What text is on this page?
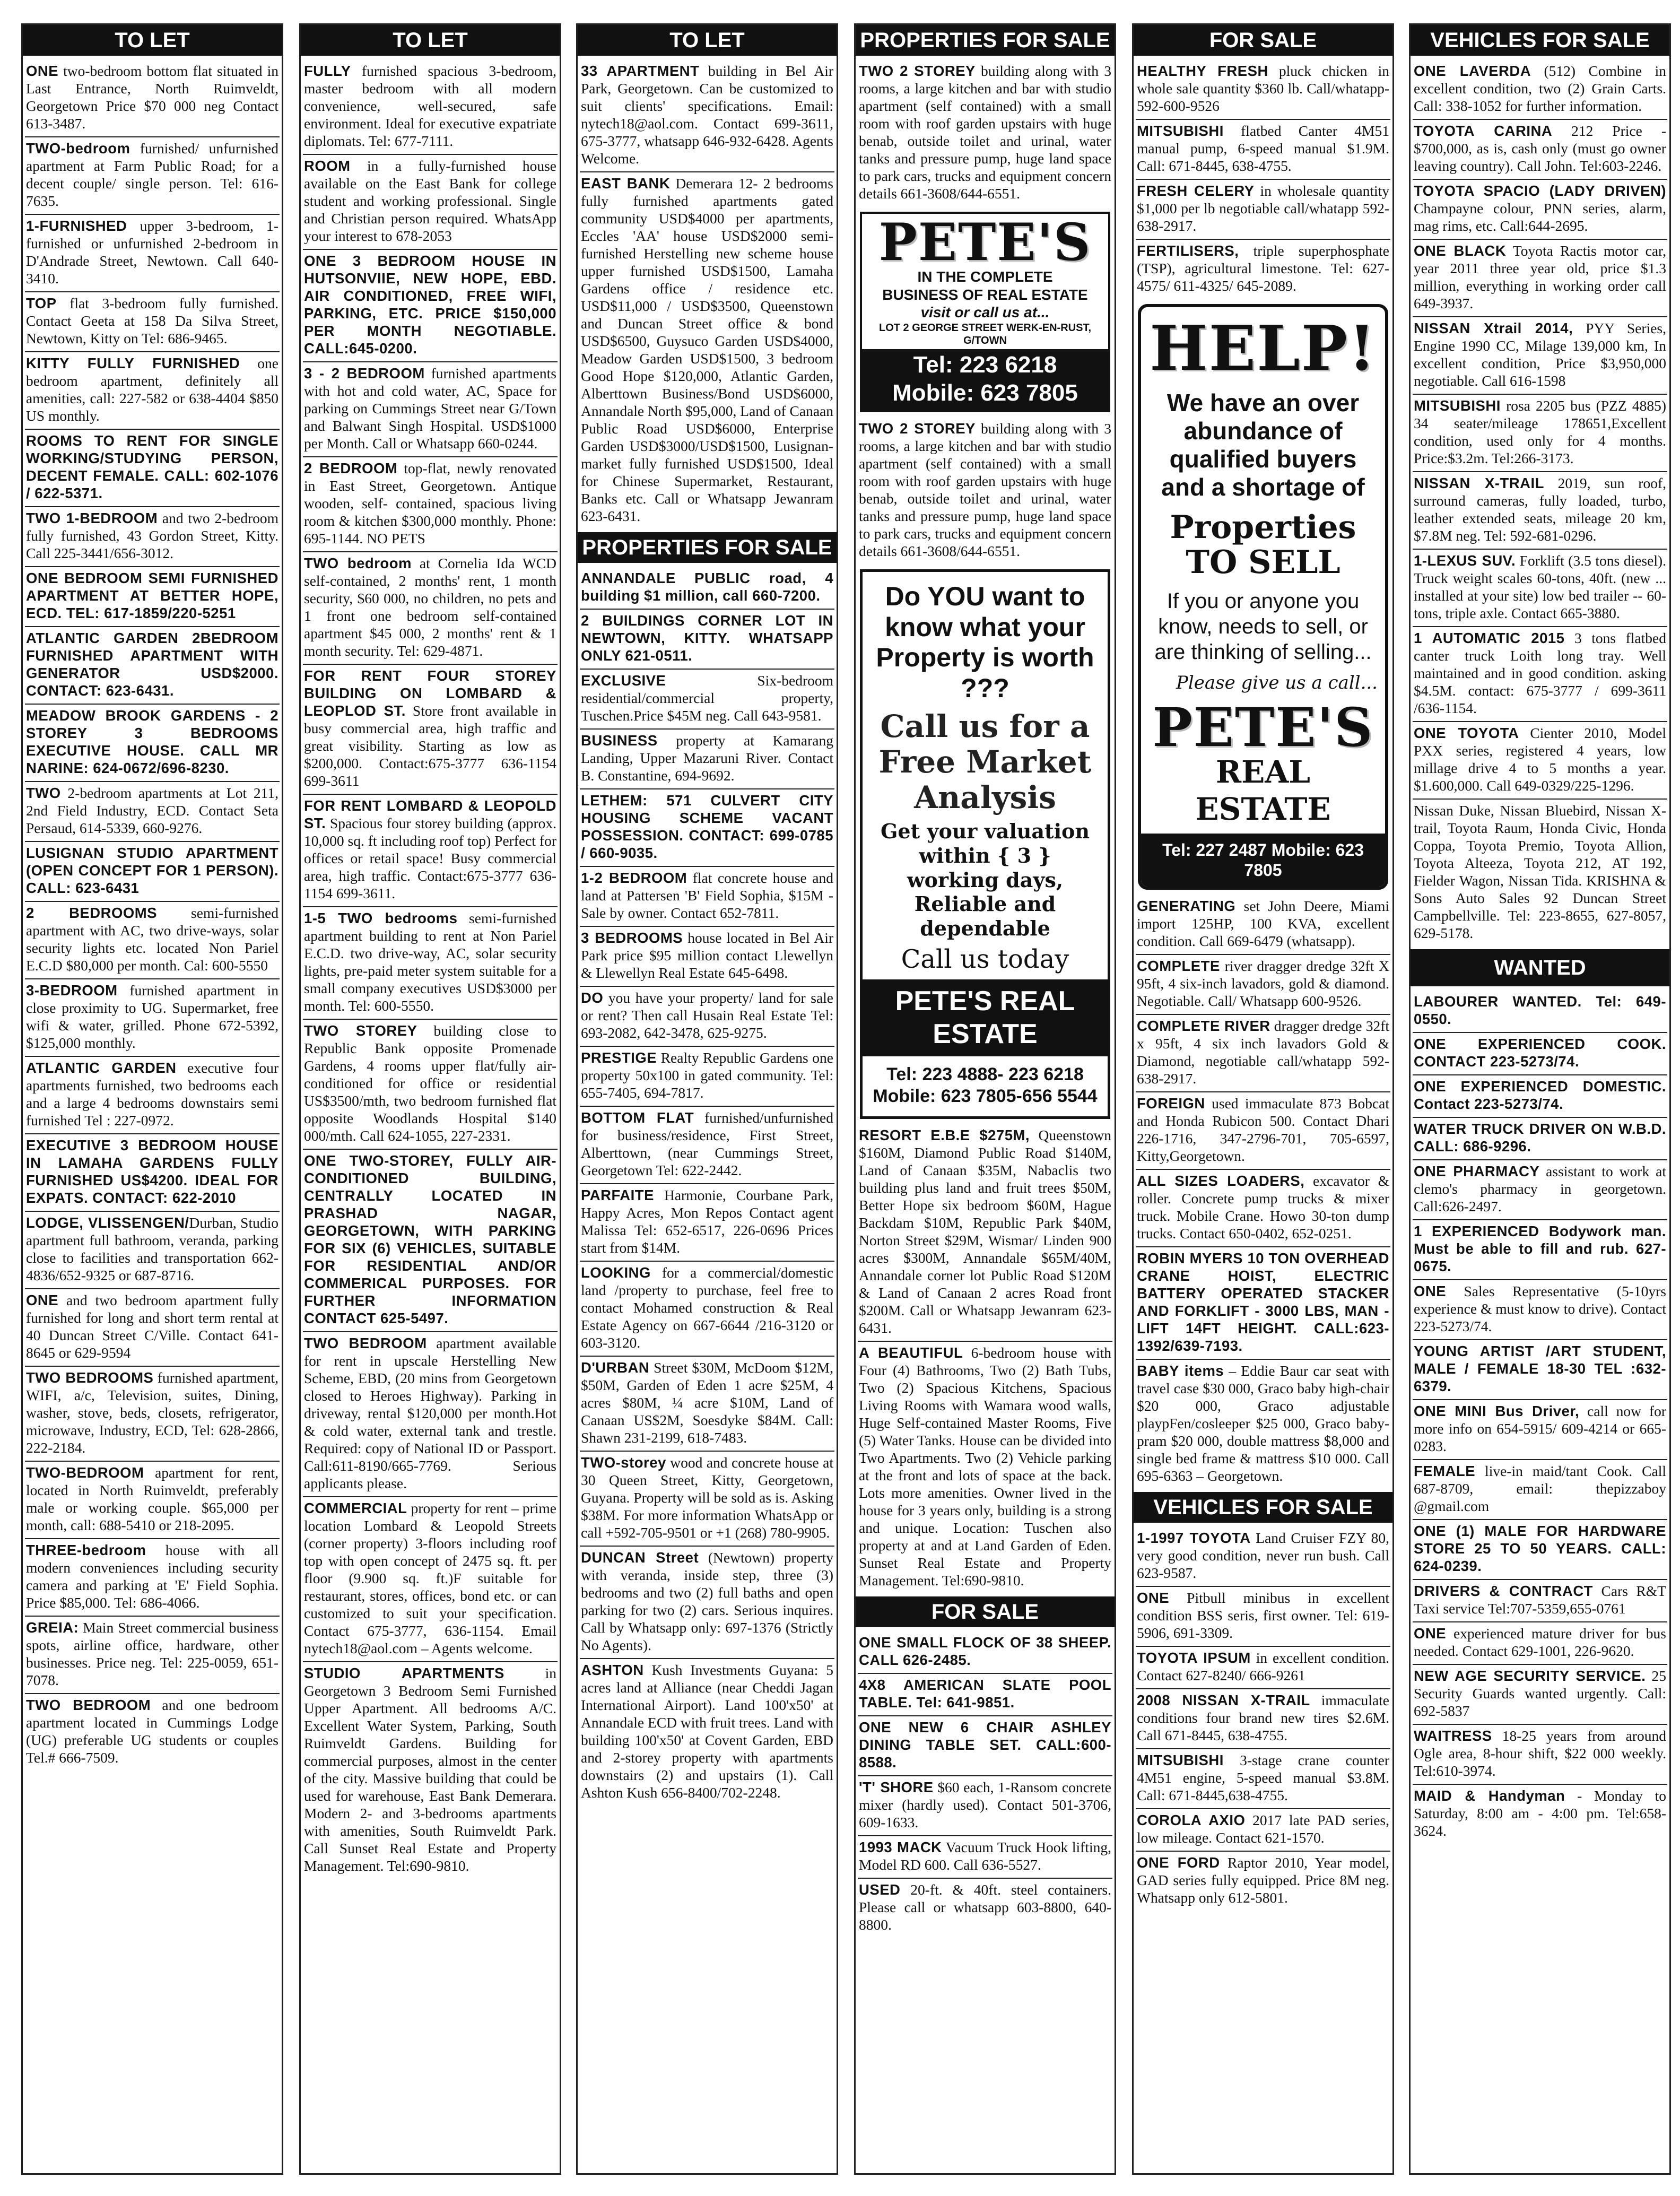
TO LET
ONE two-bedroom bottom flat situated in Last Entrance, North Ruimveldt, Georgetown Price $70 000 neg Contact 613-3487.
TWO-bedroom furnished/ unfurnished apartment at Farm Public Road; for a decent couple/ single person. Tel: 616-7635.
1-FURNISHED upper 3-bedroom, 1-furnished or unfurnished 2-bedroom in D'Andrade Street, Newtown. Call 640-3410.
TOP flat 3-bedroom fully furnished. Contact Geeta at 158 Da Silva Street, Newtown, Kitty on Tel: 686-9465.
KITTY FULLY FURNISHED one bedroom apartment, definitely all amenities, call: 227-582 or 638-4404 $850 US monthly.
ROOMS TO RENT FOR SINGLE WORKING/STUDYING PERSON, DECENT FEMALE. CALL: 602-1076 / 622-5371.
TWO 1-BEDROOM and two 2-bedroom fully furnished, 43 Gordon Street, Kitty. Call 225-3441/656-3012.
ONE BEDROOM SEMI FURNISHED APARTMENT AT BETTER HOPE, ECD. TEL: 617-1859/220-5251
ATLANTIC GARDEN 2BEDROOM FURNISHED APARTMENT WITH GENERATOR USD$2000. CONTACT: 623-6431.
MEADOW BROOK GARDENS - 2 STOREY 3 BEDROOMS EXECUTIVE HOUSE. CALL MR NARINE: 624-0672/696-8230.
TWO 2-bedroom apartments at Lot 211, 2nd Field Industry, ECD. Contact Seta Persaud, 614-5339, 660-9276.
LUSIGNAN STUDIO APARTMENT (OPEN CONCEPT FOR 1 PERSON). CALL: 623-6431
2 BEDROOMS semi-furnished apartment with AC, two drive-ways, solar security lights etc. located Non Pariel E.C.D $80,000 per month. Cal: 600-5550
3-BEDROOM furnished apartment in close proximity to UG. Supermarket, free wifi & water, grilled. Phone 672-5392, $125,000 monthly.
ATLANTIC GARDEN executive four apartments furnished, two bedrooms each and a large 4 bedrooms downstairs semi furnished Tel : 227-0972.
EXECUTIVE 3 BEDROOM HOUSE IN LAMAHA GARDENS FULLY FURNISHED US$4200. IDEAL FOR EXPATS. CONTACT: 622-2010
LODGE, VLISSENGEN/Durban, Studio apartment full bathroom, veranda, parking close to facilities and transportation 662-4836/652-9325 or 687-8716.
ONE and two bedroom apartment fully furnished for long and short term rental at 40 Duncan Street C/Ville. Contact 641-8645 or 629-9594
TWO BEDROOMS furnished apartment, WIFI, a/c, Television, suites, Dining, washer, stove, beds, closets, refrigerator, microwave, Industry, ECD, Tel: 628-2866, 222-2184.
TWO-BEDROOM apartment for rent, located in North Ruimveldt, preferably male or working couple. $65,000 per month, call: 688-5410 or 218-2095.
THREE-bedroom house with all modern conveniences including security camera and parking at 'E' Field Sophia. Price $85,000. Tel: 686-4066.
GREIA: Main Street commercial business spots, airline office, hardware, other businesses. Price neg. Tel: 225-0059, 651-7078.
TWO BEDROOM and one bedroom apartment located in Cummings Lodge (UG) preferable UG students or couples Tel.# 666-7509.
TO LET
FULLY furnished spacious 3-bedroom, master bedroom with all modern convenience, well-secured, safe environment. Ideal for executive expatriate diplomats. Tel: 677-7111.
ROOM in a fully-furnished house available on the East Bank for college student and working professional. Single and Christian person required. WhatsApp your interest to 678-2053
ONE 3 BEDROOM HOUSE IN HUTSONVIIE, NEW HOPE, EBD. AIR CONDITIONED, FREE WIFI, PARKING, ETC. PRICE $150,000 PER MONTH NEGOTIABLE. CALL:645-0200.
3 - 2 BEDROOM furnished apartments with hot and cold water, AC, Space for parking on Cummings Street near G/Town and Balwant Singh Hospital. USD$1000 per Month. Call or Whatsapp 660-0244.
2 BEDROOM top-flat, newly renovated in East Street, Georgetown. Antique wooden, self- contained, spacious living room & kitchen $300,000 monthly. Phone: 695-1144. NO PETS
TWO bedroom at Cornelia Ida WCD self-contained, 2 months' rent, 1 month security, $60 000, no children, no pets and 1 front one bedroom self-contained apartment $45 000, 2 months' rent & 1 month security. Tel: 629-4871.
FOR RENT FOUR STOREY BUILDING ON LOMBARD & LEOPLOD ST. Store front available in busy commercial area, high traffic and great visibility. Starting as low as $200,000. Contact:675-3777 636-1154 699-3611
FOR RENT LOMBARD & LEOPOLD ST. Spacious four storey building (approx. 10,000 sq. ft including roof top) Perfect for offices or retail space! Busy commercial area, high traffic. Contact:675-3777 636-1154 699-3611.
1-5 TWO bedrooms semi-furnished apartment building to rent at Non Pariel E.C.D. two drive-way, AC, solar security lights, pre-paid meter system suitable for a small company executives USD$3000 per month. Tel: 600-5550.
TWO STOREY building close to Republic Bank opposite Promenade Gardens, 4 rooms upper flat/fully air-conditioned for office or residential US$3500/mth, two bedroom furnished flat opposite Woodlands Hospital $140 000/mth. Call 624-1055, 227-2331.
ONE TWO-STOREY, FULLY AIR-CONDITIONED BUILDING, CENTRALLY LOCATED IN PRASHAD NAGAR, GEORGETOWN, WITH PARKING FOR SIX (6) VEHICLES, SUITABLE FOR RESIDENTIAL AND/OR COMMERICAL PURPOSES. FOR FURTHER INFORMATION CONTACT 625-5497.
TWO BEDROOM apartment available for rent in upscale Herstelling New Scheme, EBD, (20 mins from Georgetown closed to Heroes Highway). Parking in driveway, rental $120,000 per month.Hot & cold water, external tank and trestle. Required: copy of National ID or Passport. Call:611-8190/665-7769. Serious applicants please.
COMMERCIAL property for rent – prime location Lombard & Leopold Streets (corner property) 3-floors including roof top with open concept of 2475 sq. ft. per floor (9.900 sq. ft.)F suitable for restaurant, stores, offices, bond etc. or can customized to suit your specification. Contact 675-3777, 636-1154. Email nytech18@aol.com – Agents welcome.
STUDIO APARTMENTS in Georgetown 3 Bedroom Semi Furnished Upper Apartment. All bedrooms A/C. Excellent Water System, Parking, South Ruimveldt Gardens. Building for commercial purposes, almost in the center of the city. Massive building that could be used for warehouse, East Bank Demerara. Modern 2- and 3-bedrooms apartments with amenities, South Ruimveldt Park. Call Sunset Real Estate and Property Management. Tel:690-9810.
TO LET
33 APARTMENT building in Bel Air Park, Georgetown. Can be customized to suit clients' specifications. Email: nytech18@aol.com. Contact 699-3611, 675-3777, whatsapp 646-932-6428. Agents Welcome.
EAST BANK Demerara 12- 2 bedrooms fully furnished apartments gated community USD$4000 per apartments, Eccles 'AA' house USD$2000 semi- furnished Herstelling new scheme house upper furnished USD$1500, Lamaha Gardens office / residence etc. USD$11,000 / USD$3500, Queenstown and Duncan Street office & bond USD$6500, Guysuco Garden USD$4000, Meadow Garden USD$1500, 3 bedroom Good Hope $120,000, Atlantic Garden, Alberttown Business/Bond USD$6000, Annandale North $95,000, Land of Canaan Public Road USD$6000, Enterprise Garden USD$3000/USD$1500, Lusignan-market fully furnished USD$1500, Ideal for Chinese Supermarket, Restaurant, Banks etc. Call or Whatsapp Jewanram 623-6431.
PROPERTIES FOR SALE
ANNANDALE PUBLIC road, 4 building $1 million, call 660-7200.
2 BUILDINGS CORNER LOT IN NEWTOWN, KITTY. WHATSAPP ONLY 621-0511.
EXCLUSIVE Six-bedroom residential/commercial property, Tuschen.Price $45M neg. Call 643-9581.
BUSINESS property at Kamarang Landing, Upper Mazaruni River. Contact B. Constantine, 694-9692.
LETHEM: 571 CULVERT CITY HOUSING SCHEME VACANT POSSESSION. CONTACT: 699-0785 / 660-9035.
1-2 BEDROOM flat concrete house and land at Pattersen 'B' Field Sophia, $15M - Sale by owner. Contact 652-7811.
3 BEDROOMS house located in Bel Air Park price $95 million contact Llewellyn & Llewellyn Real Estate 645-6498.
DO you have your property/ land for sale or rent? Then call Husain Real Estate Tel: 693-2082, 642-3478, 625-9275.
PRESTIGE Realty Republic Gardens one property 50x100 in gated community. Tel: 655-7405, 694-7817.
BOTTOM FLAT furnished/unfurnished for business/residence, First Street, Alberttown, (near Cummings Street, Georgetown Tel: 622-2442.
PARFAITE Harmonie, Courbane Park, Happy Acres, Mon Repos Contact agent Malissa Tel: 652-6517, 226-0696 Prices start from $14M.
LOOKING for a commercial/domestic land /property to purchase, feel free to contact Mohamed construction & Real Estate Agency on 667-6644 /216-3120 or 603-3120.
D'URBAN Street $30M, McDoom $12M, $50M, Garden of Eden 1 acre $25M, 4 acres $80M, ¼ acre $10M, Land of Canaan US$2M, Soesdyke $84M. Call: Shawn 231-2199, 618-7483.
TWO-storey wood and concrete house at 30 Queen Street, Kitty, Georgetown, Guyana. Property will be sold as is. Asking $38M. For more information WhatsApp or call +592-705-9501 or +1 (268) 780-9905.
DUNCAN Street (Newtown) property with veranda, inside step, three (3) bedrooms and two (2) full baths and open parking for two (2) cars. Serious inquires. Call by Whatsapp only: 697-1376 (Strictly No Agents).
ASHTON Kush Investments Guyana: 5 acres land at Alliance (near Cheddi Jagan International Airport). Land 100'x50' at Annandale ECD with fruit trees. Land with building 100'x50' at Covent Garden, EBD and 2-storey property with apartments downstairs (2) and upstairs (1). Call Ashton Kush 656-8400/702-2248.
PROPERTIES FOR SALE
TWO 2 STOREY building along with 3 rooms, a large kitchen and bar with studio apartment (self contained) with a small room with roof garden upstairs with huge benab, outside toilet and urinal, water tanks and pressure pump, huge land space to park cars, trucks and equipment concern details 661-3608/644-6551.
PETE'S
IN THE COMPLETE
BUSINESS OF REAL ESTATE
visit or call us at...
LOT 2 GEORGE STREET WERK-EN-RUST, G/TOWN
Tel: 223 6218
Mobile: 623 7805
TWO 2 STOREY building along with 3 rooms, a large kitchen and bar with studio apartment (self contained) with a small room with roof garden upstairs with huge benab, outside toilet and urinal, water tanks and pressure pump, huge land space to park cars, trucks and equipment concern details 661-3608/644-6551.
Do YOU want to know what your Property is worth ???
Call us for a Free Market Analysis
Get your valuation within { 3 } working days, Reliable and dependable
Call us today
PETE'S REAL ESTATE
Tel: 223 4888- 223 6218
Mobile: 623 7805-656 5544
RESORT E.B.E $275M, Queenstown $160M, Diamond Public Road $140M, Land of Canaan $35M, Nabaclis two building plus land and fruit trees $50M, Better Hope six bedroom $60M, Hague Backdam $10M, Republic Park $40M, Norton Street $29M, Wismar/ Linden 900 acres $300M, Annandale $65M/40M, Annandale corner lot Public Road $120M & Land of Canaan 2 acres Road front $200M. Call or Whatsapp Jewanram 623-6431.
A BEAUTIFUL 6-bedroom house with Four (4) Bathrooms, Two (2) Bath Tubs, Two (2) Spacious Kitchens, Spacious Living Rooms with Wamara wood walls, Huge Self-contained Master Rooms, Five (5) Water Tanks. House can be divided into Two Apartments. Two (2) Vehicle parking at the front and lots of space at the back. Lots more amenities. Owner lived in the house for 3 years only, building is a strong and unique. Location: Tuschen also property at and at Land Garden of Eden. Sunset Real Estate and Property Management. Tel:690-9810.
FOR SALE
ONE SMALL FLOCK OF 38 SHEEP. CALL 626-2485.
4X8 AMERICAN SLATE POOL TABLE. Tel: 641-9851.
ONE NEW 6 CHAIR ASHLEY DINING TABLE SET. CALL:600-8588.
'T' SHORE $60 each, 1-Ransom concrete mixer (hardly used). Contact 501-3706, 609-1633.
1993 MACK Vacuum Truck Hook lifting, Model RD 600. Call 636-5527.
USED 20-ft. & 40ft. steel containers. Please call or whatsapp 603-8800, 640-8800.
FOR SALE
HEALTHY FRESH pluck chicken in whole sale quantity $360 lb. Call/whatapp- 592-600-9526
MITSUBISHI flatbed Canter 4M51 manual pump, 6-speed manual $1.9M. Call: 671-8445, 638-4755.
FRESH CELERY in wholesale quantity $1,000 per lb negotiable call/whatapp 592-638-2917.
FERTILISERS, triple superphosphate (TSP), agricultural limestone. Tel: 627-4575/ 611-4325/ 645-2089.
HELP!
We have an over abundance of qualified buyers and a shortage of
Properties TO SELL
If you or anyone you know, needs to sell, or are thinking of selling...
Please give us a call...
PETE'S
REAL ESTATE
Tel: 227 2487 Mobile: 623 7805
GENERATING set John Deere, Miami import 125HP, 100 KVA, excellent condition. Call 669-6479 (whatsapp).
COMPLETE river dragger dredge 32ft X 95ft, 4 six-inch lavadors, gold & diamond. Negotiable. Call/ Whatsapp 600-9526.
COMPLETE RIVER dragger dredge 32ft x 95ft, 4 six inch lavadors Gold & Diamond, negotiable call/whatapp 592-638-2917.
FOREIGN used immaculate 873 Bobcat and Honda Rubicon 500. Contact Dhari 226-1716, 347-2796-701, 705-6597, Kitty,Georgetown.
ALL SIZES LOADERS, excavator & roller. Concrete pump trucks & mixer truck. Mobile Crane. Howo 30-ton dump trucks. Contact 650-0402, 652-0251.
ROBIN MYERS 10 TON OVERHEAD CRANE HOIST, ELECTRIC BATTERY OPERATED STACKER AND FORKLIFT - 3000 LBS, MAN -LIFT 14FT HEIGHT. CALL:623-1392/639-7193.
BABY items – Eddie Baur car seat with travel case $30 000, Graco baby high-chair $20 000, Graco adjustable playpFen/cosleeper $25 000, Graco baby-pram $20 000, double mattress $8,000 and single bed frame & mattress $10 000. Call 695-6363 – Georgetown.
VEHICLES FOR SALE
1-1997 TOYOTA Land Cruiser FZY 80, very good condition, never run bush. Call 623-9587.
ONE Pitbull minibus in excellent condition BSS seris, first owner. Tel: 619-5906, 691-3309.
TOYOTA IPSUM in excellent condition. Contact 627-8240/ 666-9261
2008 NISSAN X-TRAIL immaculate conditions four brand new tires $2.6M. Call 671-8445, 638-4755.
MITSUBISHI 3-stage crane counter 4M51 engine, 5-speed manual $3.8M. Call: 671-8445,638-4755.
COROLA AXIO 2017 late PAD series, low mileage. Contact 621-1570.
ONE FORD Raptor 2010, Year model, GAD series fully equipped. Price 8M neg. Whatsapp only 612-5801.
VEHICLES FOR SALE
ONE LAVERDA (512) Combine in excellent condition, two (2) Grain Carts. Call: 338-1052 for further information.
TOYOTA CARINA 212 Price - $700,000, as is, cash only (must go owner leaving country). Call John. Tel:603-2246.
TOYOTA SPACIO (LADY DRIVEN) Champayne colour, PNN series, alarm, mag rims, etc. Call:644-2695.
ONE BLACK Toyota Ractis motor car, year 2011 three year old, price $1.3 million, everything in working order call 649-3937.
NISSAN Xtrail 2014, PYY Series, Engine 1990 CC, Milage 139,000 km, In excellent condition, Price $3,950,000 negotiable. Call 616-1598
MITSUBISHI rosa 2205 bus (PZZ 4885) 34 seater/mileage 178651,Excellent condition, used only for 4 months. Price:$3.2m. Tel:266-3173.
NISSAN X-TRAIL 2019, sun roof, surround cameras, fully loaded, turbo, leather extended seats, mileage 20 km, $7.8M neg. Tel: 592-681-0296.
1-LEXUS SUV. Forklift (3.5 tons diesel). Truck weight scales 60-tons, 40ft. (new ... installed at your site) low bed trailer -- 60-tons, triple axle. Contact 665-3880.
1 AUTOMATIC 2015 3 tons flatbed canter truck Loith long tray. Well maintained and in good condition. asking $4.5M. contact: 675-3777 / 699-3611 /636-1154.
ONE TOYOTA Cienter 2010, Model PXX series, registered 4 years, low millage drive 4 to 5 months a year. $1.600,000. Call 649-0329/225-1296.
Nissan Duke, Nissan Bluebird, Nissan X-trail, Toyota Raum, Honda Civic, Honda Coppa, Toyota Premio, Toyota Allion, Toyota Alteeza, Toyota 212, AT 192, Fielder Wagon, Nissan Tida. KRISHNA & Sons Auto Sales 92 Duncan Street Campbellville. Tel: 223-8655, 627-8057, 629-5178.
WANTED
LABOURER WANTED. Tel: 649-0550.
ONE EXPERIENCED COOK. CONTACT 223-5273/74.
ONE EXPERIENCED DOMESTIC. Contact 223-5273/74.
WATER TRUCK DRIVER ON W.B.D. CALL: 686-9296.
ONE PHARMACY assistant to work at clemo's pharmacy in georgetown. Call:626-2497.
1 EXPERIENCED Bodywork man. Must be able to fill and rub. 627-0675.
ONE Sales Representative (5-10yrs experience & must know to drive). Contact 223-5273/74.
YOUNG ARTIST /ART STUDENT, MALE / FEMALE 18-30 TEL :632-6379.
ONE MINI Bus Driver, call now for more info on 654-5915/ 609-4214 or 665-0283.
FEMALE live-in maid/tant Cook. Call 687-8709, email: thepizzaboy @gmail.com
ONE (1) MALE FOR HARDWARE STORE 25 TO 50 YEARS. CALL: 624-0239.
DRIVERS & CONTRACT Cars R&T Taxi service Tel:707-5359,655-0761
ONE experienced mature driver for bus needed. Contact 629-1001, 226-9620.
NEW AGE SECURITY SERVICE. 25 Security Guards wanted urgently. Call: 692-5837
WAITRESS 18-25 years from around Ogle area, 8-hour shift, $22 000 weekly. Tel:610-3974.
MAID & Handyman - Monday to Saturday, 8:00 am - 4:00 pm. Tel:658-3624.
